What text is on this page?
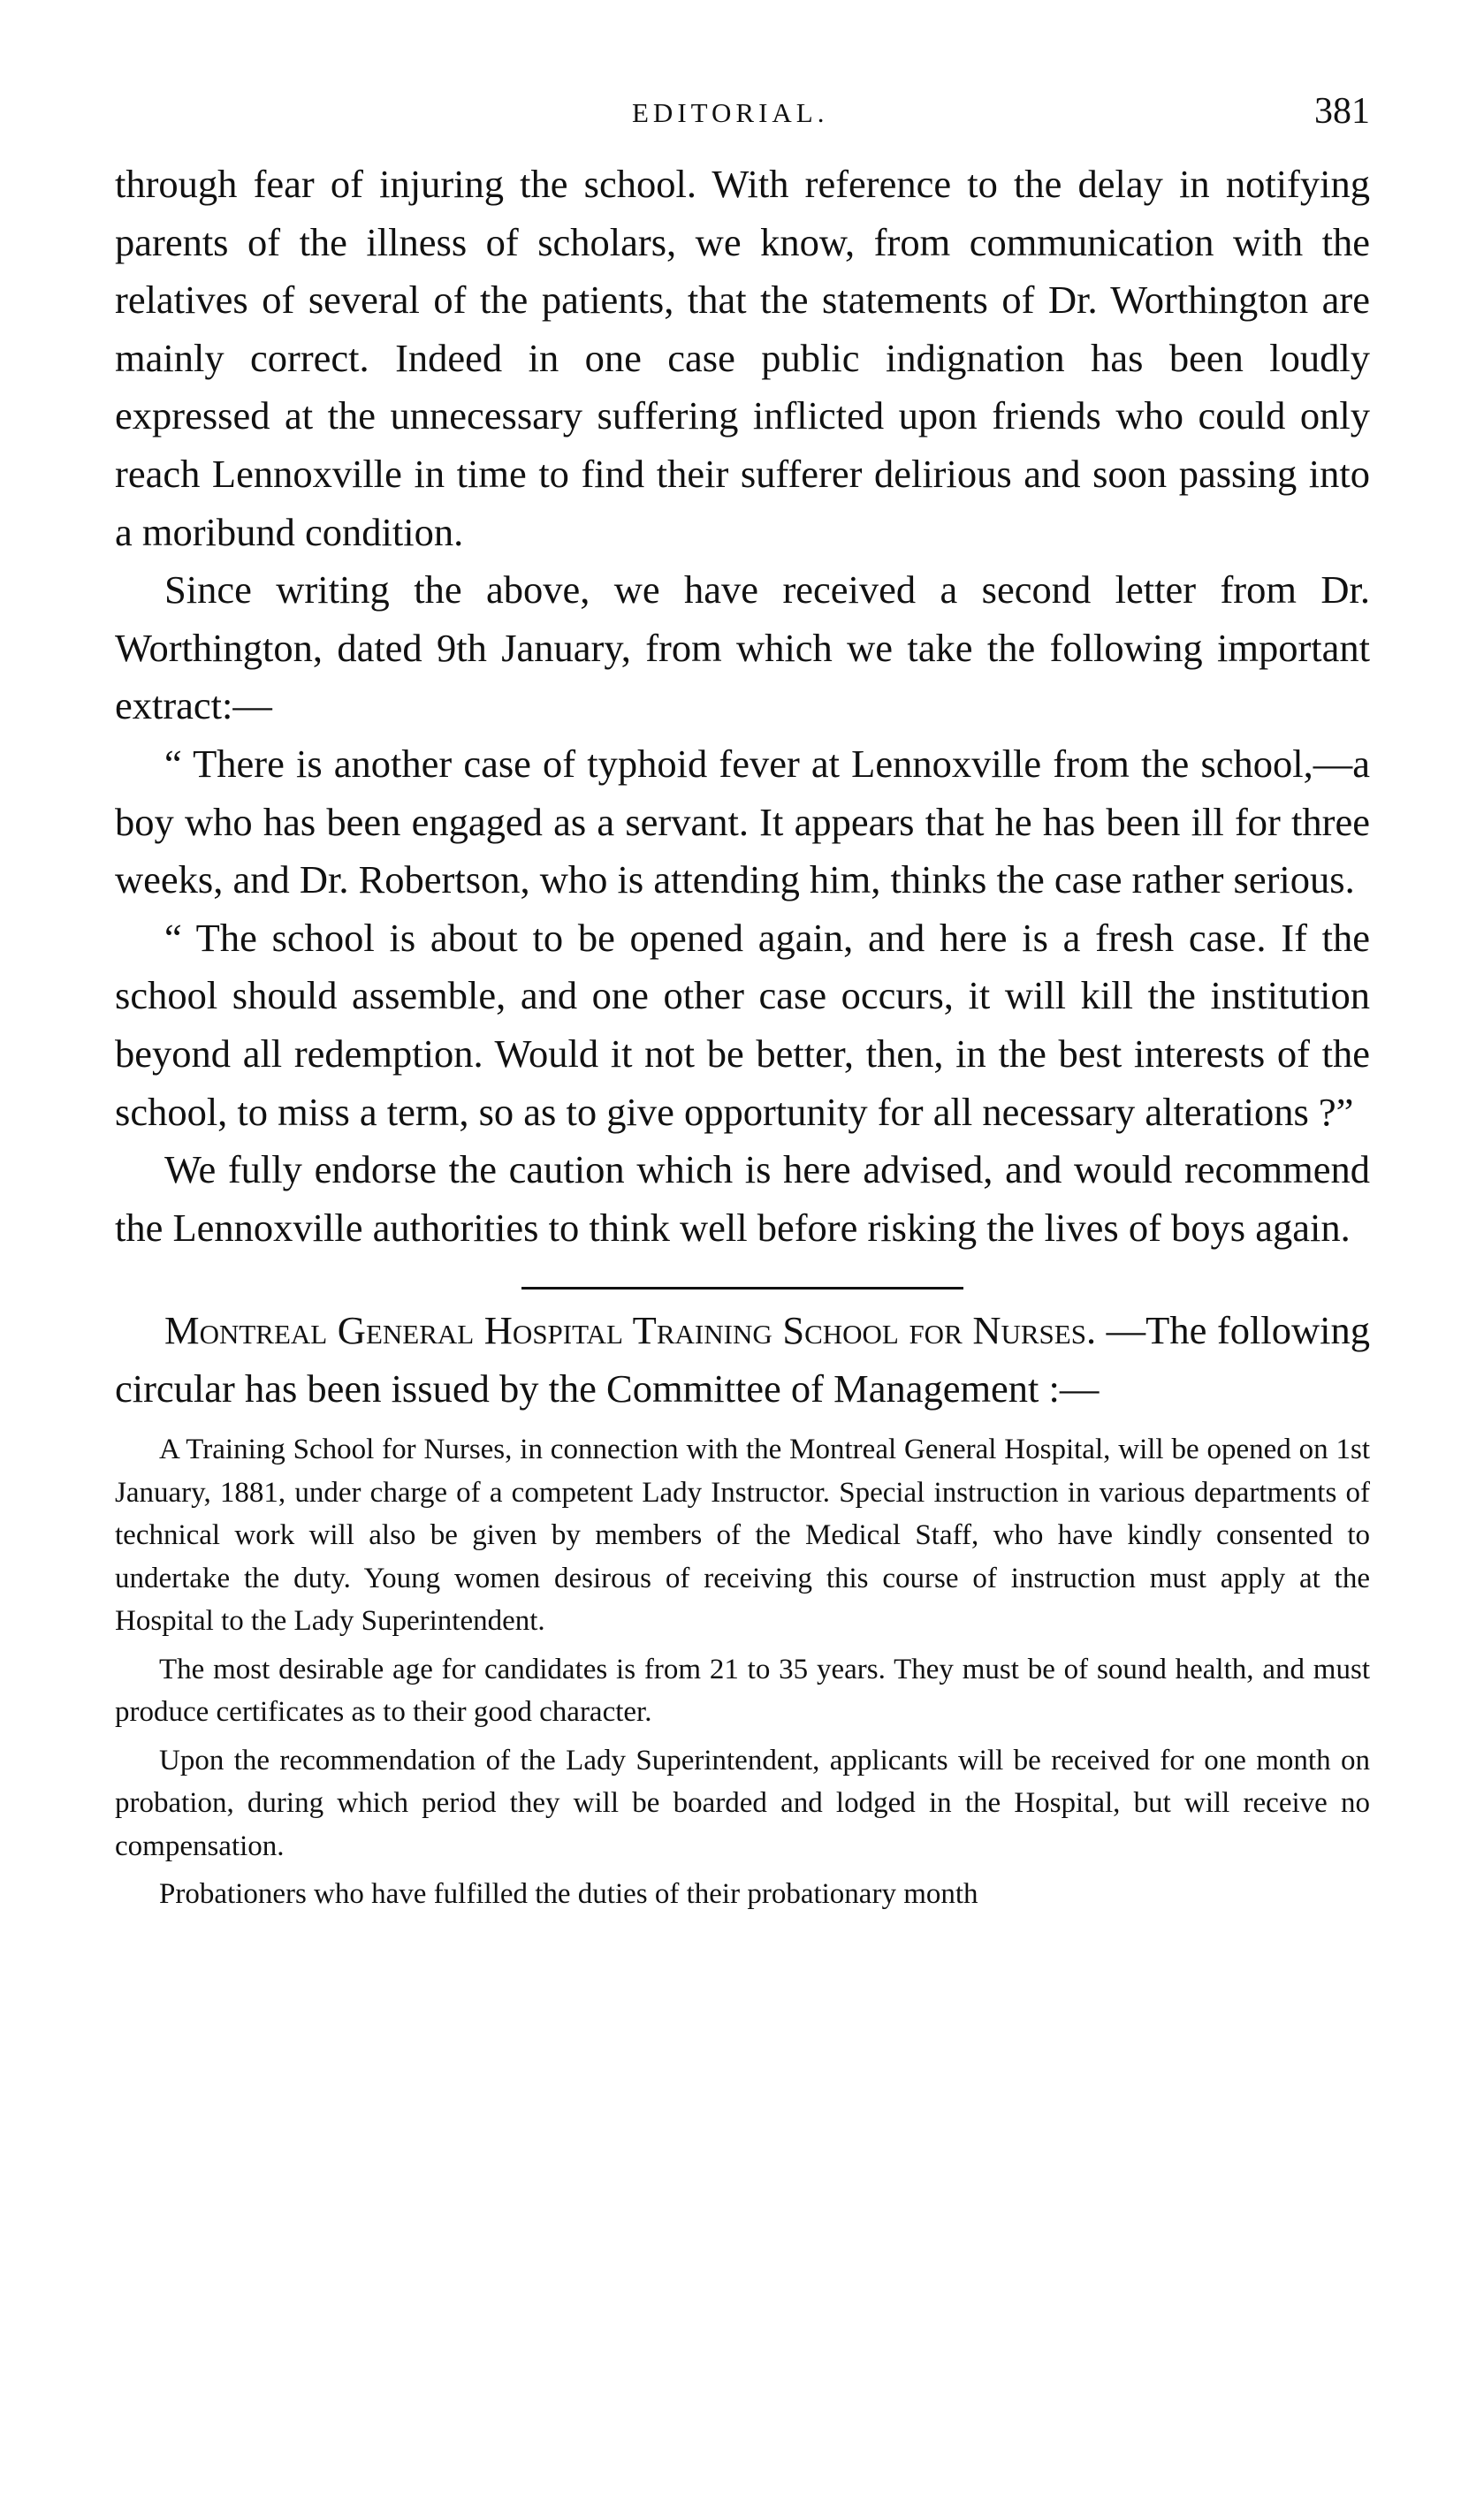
EDITORIAL.	381

through fear of injuring the school. With reference to the delay in notifying parents of the illness of scholars, we know, from communication with the relatives of several of the patients, that the statements of Dr. Worthington are mainly correct. Indeed in one case public indignation has been loudly expressed at the unnecessary suffering inflicted upon friends who could only reach Lennoxville in time to find their sufferer delirious and soon passing into a moribund condition.

Since writing the above, we have received a second letter from Dr. Worthington, dated 9th January, from which we take the following important extract:—

“ There is another case of typhoid fever at Lennoxville from the school,—a boy who has been engaged as a servant. It appears that he has been ill for three weeks, and Dr. Robertson, who is attending him, thinks the case rather serious.

“ The school is about to be opened again, and here is a fresh case. If the school should assemble, and one other case occurs, it will kill the institution beyond all redemption. Would it not be better, then, in the best interests of the school, to miss a term, so as to give opportunity for all necessary alterations ?”

We fully endorse the caution which is here advised, and would recommend the Lennoxville authorities to think well before risking the lives of boys again.

Montreal General Hospital Training School for Nurses. —The following circular has been issued by the Committee of Management :—

A Training School for Nurses, in connection with the Montreal General Hospital, will be opened on 1st January, 1881, under charge of a competent Lady Instructor. Special instruction in various departments of technical work will also be given by members of the Medical Staff, who have kindly consented to undertake the duty. Young women desirous of receiving this course of instruction must apply at the Hospital to the Lady Superintendent.

The most desirable age for candidates is from 21 to 35 years. They must be of sound health, and must produce certificates as to their good character.

Upon the recommendation of the Lady Superintendent, applicants will be received for one month on probation, during which period they will be boarded and lodged in the Hospital, but will receive no compensation.

Probationers who have fulfilled the duties of their probationary month
